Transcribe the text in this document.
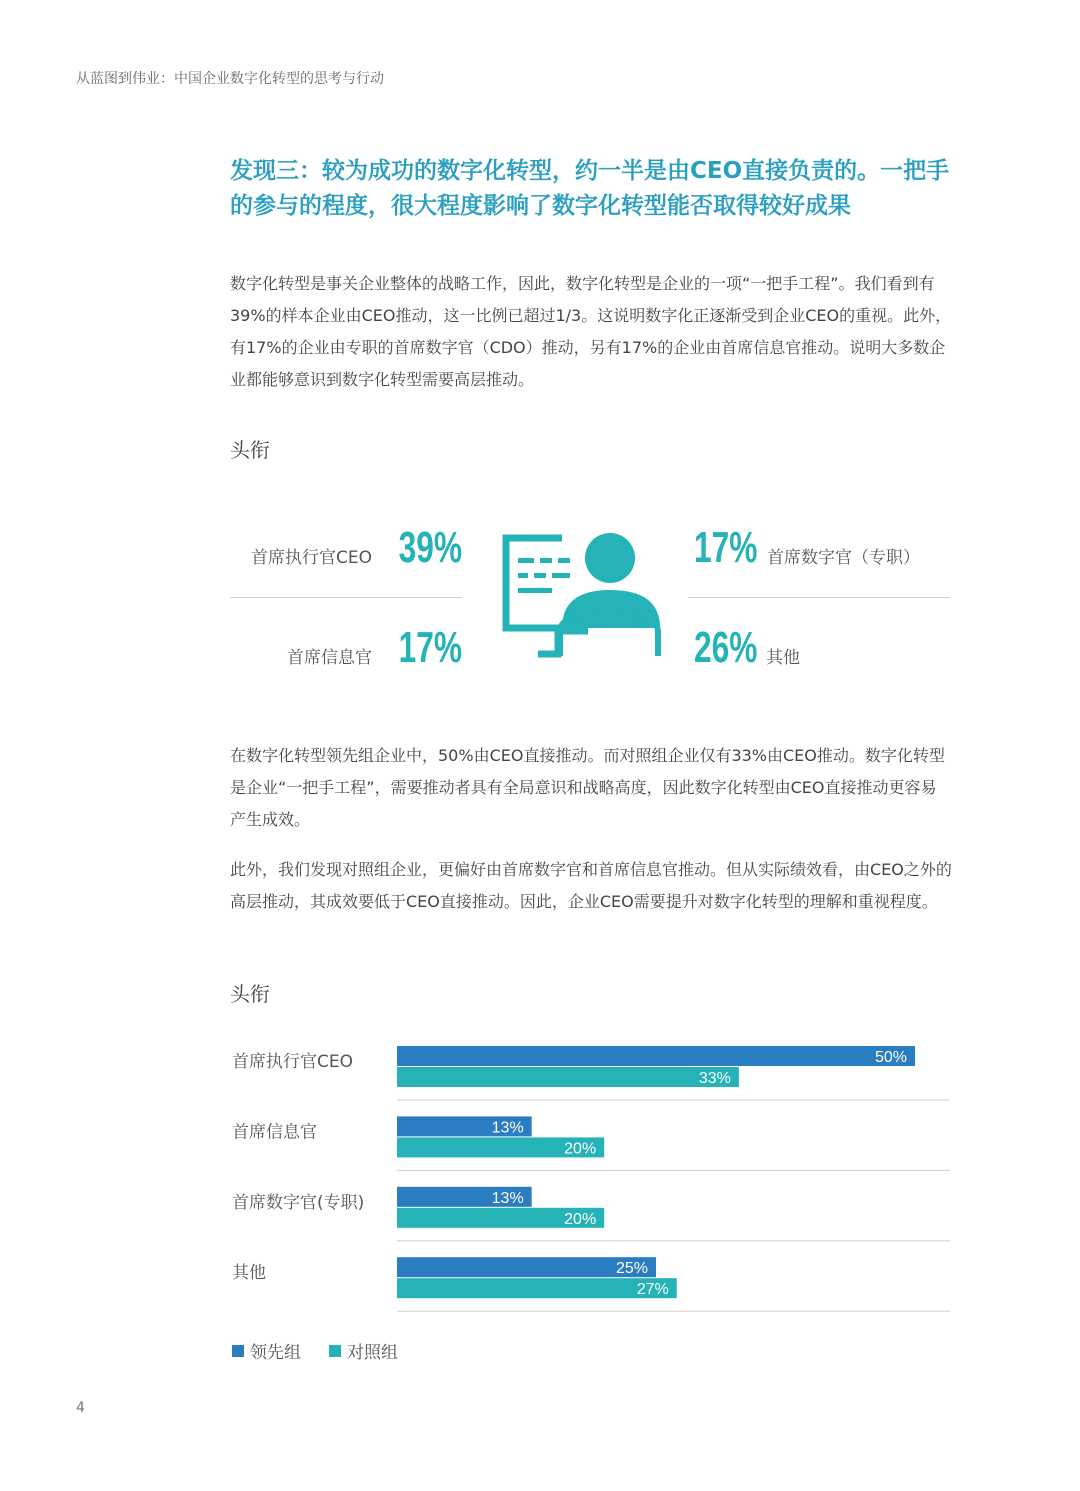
从蓝图到伟业：中国企业数字化转型的思考与行动
发现三：较为成功的数字化转型，约一半是由CEO直接负责的。一把手的参与的程度，很大程度影响了数字化转型能否取得较好成果

数字化转型是事关企业整体的战略工作，因此，数字化转型是企业的一项“一把手工程”。我们看到有39%的样本企业由CEO推动，这一比例已超过1/3。这说明数字化正逐渐受到企业CEO的重视。此外，有17%的企业由专职的首席数字官（CDO）推动，另有17%的企业由首席信息官推动。说明大多数企业都能够意识到数字化转型需要高层推动。

头衔
首席执行官CEO 39%
首席信息官 17%
17% 首席数字官（专职）
26% 其他

在数字化转型领先组企业中，50%由CEO直接推动。而对照组企业仅有33%由CEO推动。数字化转型是企业“一把手工程”，需要推动者具有全局意识和战略高度，因此数字化转型由CEO直接推动更容易产生成效。

此外，我们发现对照组企业，更偏好由首席数字官和首席信息官推动。但从实际绩效看，由CEO之外的高层推动，其成效要低于CEO直接推动。因此，企业CEO需要提升对数字化转型的理解和重视程度。

头衔
首席执行官CEO	50%
33%
首席信息官	13%
20%
首席数字官(专职)	13%
20%
其他	25%
27%
领先组	对照组
4
